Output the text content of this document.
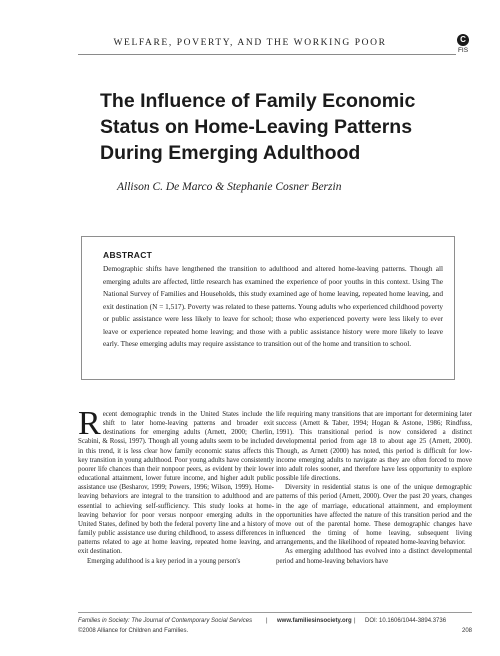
WELFARE, POVERTY, AND THE WORKING POOR	C
FIS
The Influence of Family Economic
Status on Home-Leaving Patterns
During Emerging Adulthood
Allison C. De Marco & Stephanie Cosner Berzin
ABSTRACT
Demographic shifts have lengthened the transition to adulthood and altered home-leaving patterns. Though all emerging adults are affected, little research has examined the experience of poor youths in this context. Using The National Survey of Families and Households, this study examined age of home leaving, repeated home leaving, and exit destination (N = 1,517). Poverty was related to these patterns. Young adults who experienced childhood poverty or public assistance were less likely to leave for school; those who experienced poverty were less likely to ever leave or experience repeated home leaving; and those with a public assistance history were more likely to leave early. These emerging adults may require assistance to transition out of the home and transition to school.

Recent demographic trends in the United States include the shift to later home-leaving patterns and broader exit destinations for emerging adults (Arnett, 2000; Cherlin, Scabini, & Rossi, 1997). Though all young adults seem to be included in this trend, it is less clear how family economic status affects this key transition in young adulthood. Poor young adults have consistently poorer life chances than their nonpoor peers, as evident by their lower educational attainment, lower future income, and higher adult public assistance use (Besharov, 1999; Powers, 1996; Wilson, 1999). Home-leaving behaviors are integral to the transition to adulthood and are essential to achieving self-sufficiency. This study looks at home-leaving behavior for poor versus nonpoor emerging adults in the United States, defined by both the federal poverty line and a history of family public assistance use during childhood, to assess differences in patterns related to age at home leaving, repeated home leaving, and exit destination.

Emerging adulthood is a key period in a young person's

life requiring many transitions that are important for determining later success (Arnett & Taber, 1994; Hogan & Astone, 1986; Rindfuss, 1991). This transitional period is now considered a distinct developmental period from age 18 to about age 25 (Arnett, 2000). Though, as Arnett (2000) has noted, this period is difficult for low-income emerging adults to navigate as they are often forced to move into adult roles sooner, and therefore have less opportunity to explore possible life directions.

Diversity in residential status is one of the unique demographic patterns of this period (Arnett, 2000). Over the past 20 years, changes in the age of marriage, educational attainment, and employment opportunities have affected the nature of this transition period and the move out of the parental home. These demographic changes have influenced the timing of home leaving, subsequent living arrangements, and the likelihood of repeated home-leaving behavior.

As emerging adulthood has evolved into a distinct developmental period and home-leaving behaviors have

Families in Society: The Journal of Contemporary Social Services | www.familiesinsociety.org | DOI: 10.1606/1044-3894.3736
©2008 Alliance for Children and Families.	208
